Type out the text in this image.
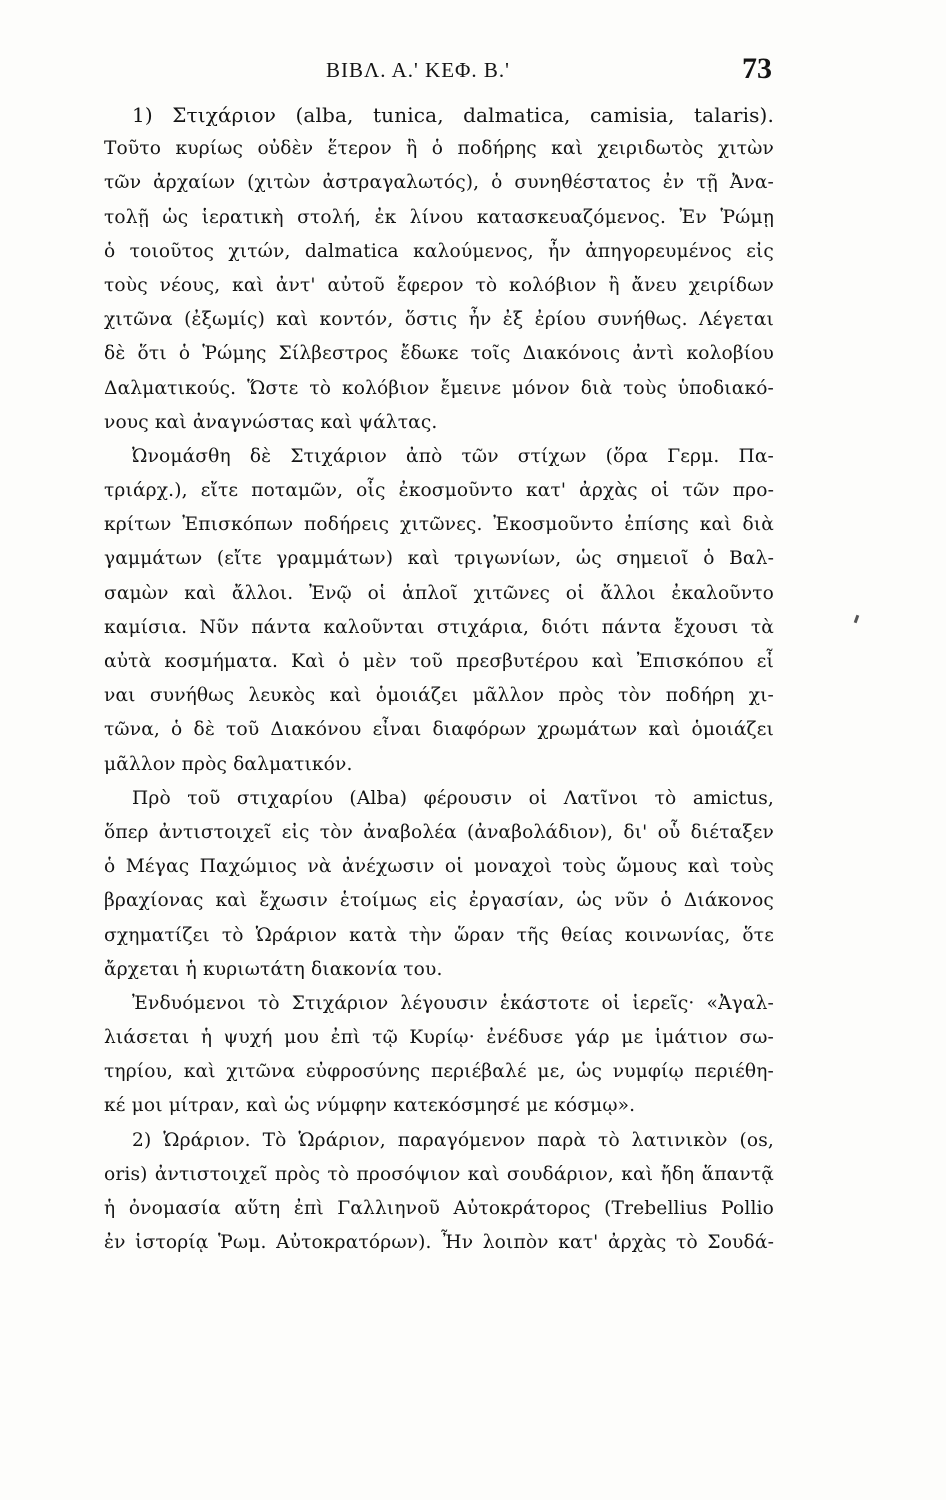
ΒΙΒΛ. Α.' ΚΕΦ. Β.'	73
1) Στιχάριον (alba, tunica, dalmatica, camisia, talaris).
Τοῦτο κυρίως οὐδὲν ἕτερον ἢ ὁ ποδήρης καὶ χειριδωτὸς χιτὼν
τῶν ἀρχαίων (χιτὼν ἀστραγαλωτός), ὁ συνηθέστατος ἐν τῇ Ἀνα-
τολῇ ὡς ἱερατικὴ στολή, ἐκ λίνου κατασκευαζόμενος. Ἐν Ῥώμῃ
ὁ τοιοῦτος χιτών, dalmatica καλούμενος, ἦν ἀπηγορευμένος εἰς
τοὺς νέους, καὶ ἀντ' αὐτοῦ ἔφερον τὸ κολόβιον ἢ ἄνευ χειρίδων
χιτῶνα (ἐξωμίς) καὶ κοντόν, ὅστις ἦν ἐξ ἐρίου συνήθως. Λέγεται
δὲ ὅτι ὁ Ῥώμης Σίλβεστρος ἔδωκε τοῖς Διακόνοις ἀντὶ κολοβίου
Δαλματικούς. Ὥστε τὸ κολόβιον ἔμεινε μόνον διὰ τοὺς ὑποδιακό-
νους καὶ ἀναγνώστας καὶ ψάλτας.
Ὠνομάσθη δὲ Στιχάριον ἀπὸ τῶν στίχων (ὅρα Γερμ. Πα-
τριάρχ.), εἴτε ποταμῶν, οἷς ἐκοσμοῦντο κατ' ἀρχὰς οἱ τῶν προ-
κρίτων Ἐπισκόπων ποδήρεις χιτῶνες. Ἐκοσμοῦντο ἐπίσης καὶ διὰ
γαμμάτων (εἴτε γραμμάτων) καὶ τριγωνίων, ὡς σημειοῖ ὁ Βαλ-
σαμὼν καὶ ἄλλοι. Ἐνῷ οἱ ἁπλοῖ χιτῶνες οἱ ἄλλοι ἐκαλοῦντο
καμίσια. Νῦν πάντα καλοῦνται στιχάρια, διότι πάντα ἔχουσι τὰ
αὐτὰ κοσμήματα. Καὶ ὁ μὲν τοῦ πρεσβυτέρου καὶ Ἐπισκόπου εἶ
ναι συνήθως λευκὸς καὶ ὁμοιάζει μᾶλλον πρὸς τὸν ποδήρη χι-
τῶνα, ὁ δὲ τοῦ Διακόνου εἶναι διαφόρων χρωμάτων καὶ ὁμοιάζει
μᾶλλον πρὸς δαλματικόν.
Πρὸ τοῦ στιχαρίου (Alba) φέρουσιν οἱ Λατῖνοι τὸ amictus,
ὅπερ ἀντιστοιχεῖ εἰς τὸν ἀναβολέα (ἀναβολάδιον), δι' οὗ διέταξεν
ὁ Μέγας Παχώμιος νὰ ἀνέχωσιν οἱ μοναχοὶ τοὺς ὤμους καὶ τοὺς
βραχίονας καὶ ἔχωσιν ἑτοίμως εἰς ἐργασίαν, ὡς νῦν ὁ Διάκονος
σχηματίζει τὸ Ὡράριον κατὰ τὴν ὥραν τῆς θείας κοινωνίας, ὅτε
ἄρχεται ἡ κυριωτάτη διακονία του.
Ἐνδυόμενοι τὸ Στιχάριον λέγουσιν ἑκάστοτε οἱ ἱερεῖς· «Ἀγαλ-
λιάσεται ἡ ψυχή μου ἐπὶ τῷ Κυρίῳ· ἐνέδυσε γάρ με ἱμάτιον σω-
τηρίου, καὶ χιτῶνα εὐφροσύνης περιέβαλέ με, ὡς νυμφίῳ περιέθη-
κέ μοι μίτραν, καὶ ὡς νύμφην κατεκόσμησέ με κόσμῳ».
2) Ὡράριον. Τὸ Ὡράριον, παραγόμενον παρὰ τὸ λατινικὸν (os,
oris) ἀντιστοιχεῖ πρὸς τὸ προσόψιον καὶ σουδάριον, καὶ ἤδη ἅπαντᾷ
ἡ ὀνομασία αὕτη ἐπὶ Γαλλιηνοῦ Αὐτοκράτορος (Trebellius Pollio
ἐν ἱστορίᾳ Ῥωμ. Αὐτοκρατόρων). Ἦν λοιπὸν κατ' ἀρχὰς τὸ Σουδά-
